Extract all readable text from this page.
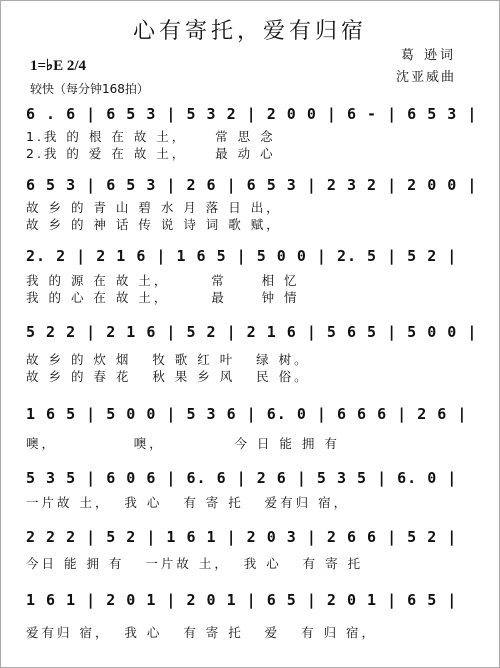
心有寄托，爱有归宿
1=♭E 2/4
较快（每分钟168拍）
葛 逊词
沈亚威曲
6 . 6 | 6 5 3 | 5 3 2 | 2 0 0 | 6 - | 6 5 3 |
1.我 的 根 在 故 土，    常 思 念
2.我 的 爱 在 故 土，    最 动 心
6 5 3 | 6 5 3 | 2 6 | 6 5 3 | 2 3 2 | 2 0 0 |
故 乡 的 青 山 碧 水 月 落 日 出，
故 乡 的 神 话 传 说 诗 词 歌 赋，
2. 2 | 2 1 6 | 1 6 5 | 5 0 0 | 2. 5 | 5 2 |
我 的 源 在 故 土，      常     相 忆
我 的 心 在 故 土，      最     钟 情
5 2 2 | 2 1 6 | 5 2 | 2 1 6 | 5 6 5 | 5 0 0 |
故 乡 的 炊 烟   牧 歌 红 叶   绿 树。
故 乡 的 春 花   秋 果 乡 风   民 俗。
1 6 5 | 5 0 0 | 5 3 6 | 6. 0 | 6 6 6 | 2 6 |
噢，           噢，          今 日 能 拥 有
5 3 5 | 6 0 6 | 6. 6 | 2 6 | 5 3 5 | 6. 0 |
一片故 土，  我 心   有 寄 托   爱有归 宿，
2 2 2 | 5 2 | 1 6 1 | 2 0 3 | 2 6 6 | 5 2 |
今日 能 拥 有   一片故 土，  我 心   有 寄 托
1 6 1 | 2 0 1 | 2 0 1 | 6 5 | 2 0 1 | 6 5 |
爱有归 宿，  我 心   有 寄 托   爱   有 归 宿，
